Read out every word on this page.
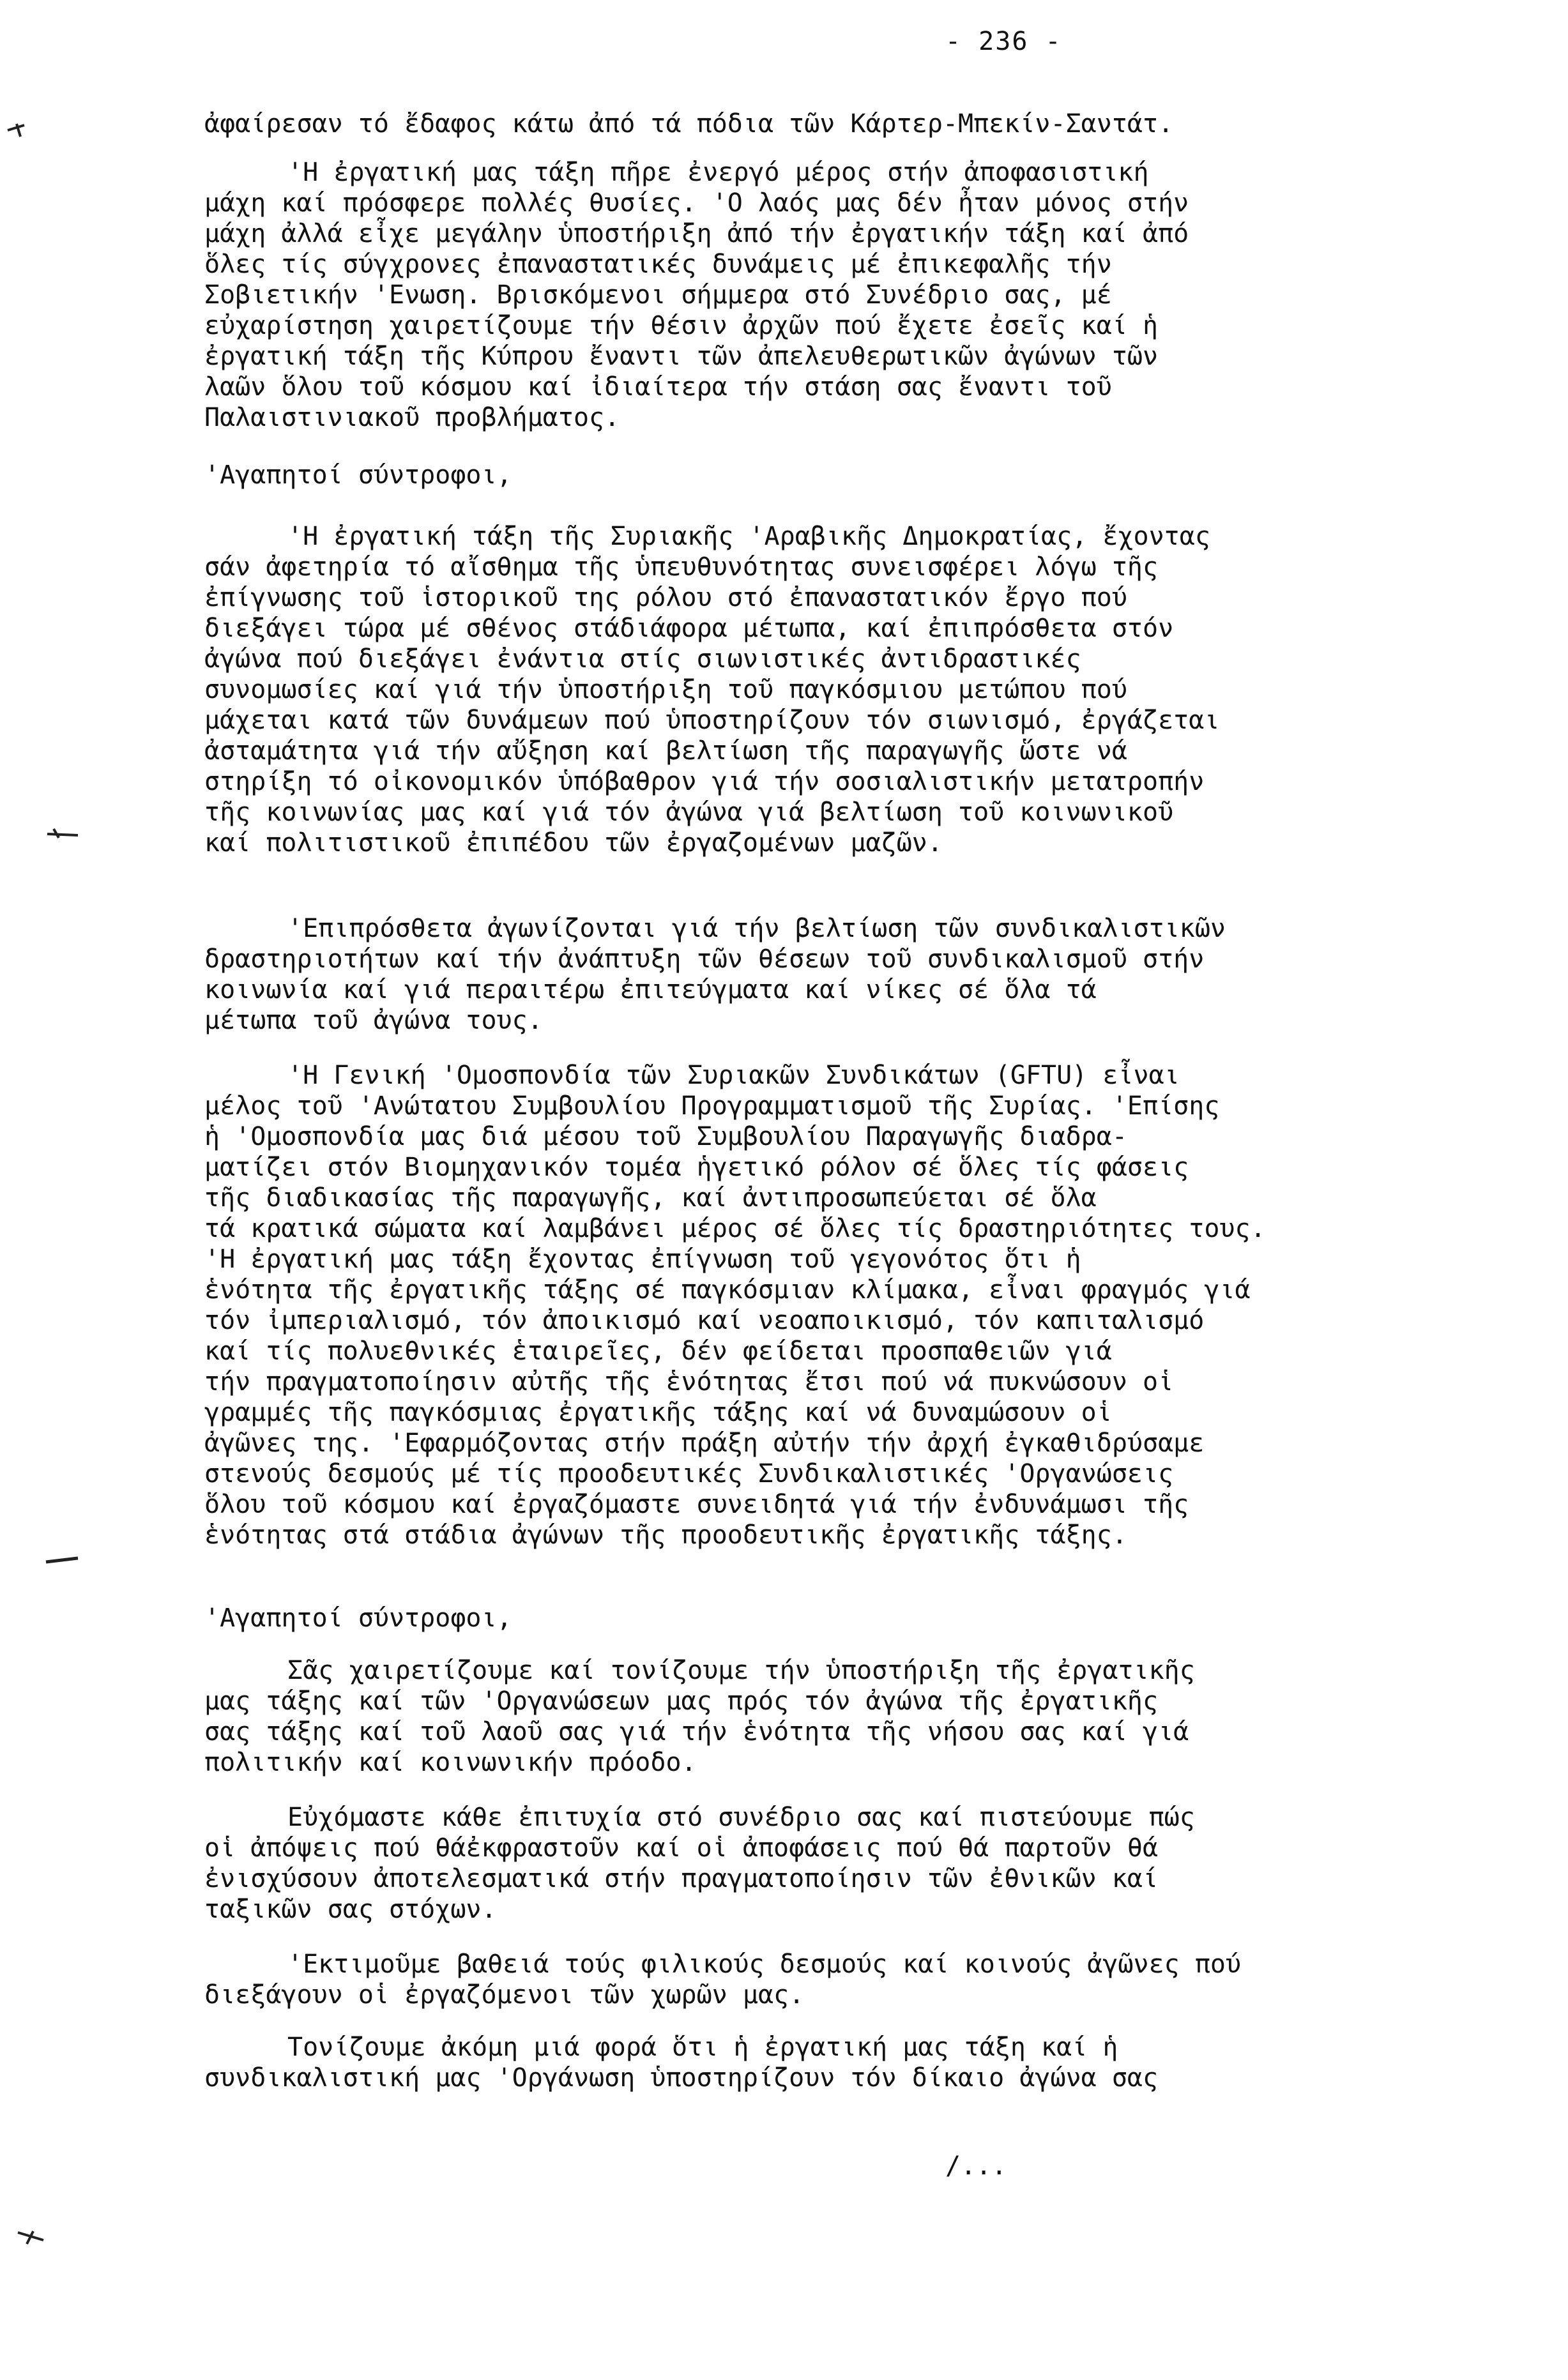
- 236 -
ἀφαίρεσαν τό ἔδαφος κάτω ἀπό τά πόδια τῶν Κάρτερ-Μπεκίν-Σαντάτ.
'Η ἐργατική μας τάξη πῆρε ἐνεργό μέρος στήν ἀποφασιστική
μάχη καί πρόσφερε πολλές θυσίες. 'Ο λαός μας δέν ἦταν μόνος στήν
μάχη ἀλλά εἶχε μεγάλην ὑποστήριξη ἀπό τήν ἐργατικήν τάξη καί ἀπό
ὅλες τίς σύγχρονες ἐπαναστατικές δυνάμεις μέ ἐπικεφαλῆς τήν
Σοβιετικήν 'Ενωση. Βρισκόμενοι σήμμερα στό Συνέδριο σας, μέ
εὐχαρίστηση χαιρετίζουμε τήν θέσιν ἀρχῶν πού ἔχετε ἐσεῖς καί ἡ
ἐργατική τάξη τῆς Κύπρου ἔναντι τῶν ἀπελευθερωτικῶν ἀγώνων τῶν
λαῶν ὅλου τοῦ κόσμου καί ἰδιαίτερα τήν στάση σας ἔναντι τοῦ
Παλαιστινιακοῦ προβλήματος.
'Αγαπητοί σύντροφοι,
'Η ἐργατική τάξη τῆς Συριακῆς 'Αραβικῆς Δημοκρατίας, ἔχοντας
σάν ἀφετηρία τό αἴσθημα τῆς ὑπευθυνότητας συνεισφέρει λόγω τῆς
ἐπίγνωσης τοῦ ἱστορικοῦ της ρόλου στό ἐπαναστατικόν ἔργο πού
διεξάγει τώρα μέ σθένος στάδιάφορα μέτωπα, καί ἐπιπρόσθετα στόν
ἀγώνα πού διεξάγει ἐνάντια στίς σιωνιστικές ἀντιδραστικές
συνομωσίες καί γιά τήν ὑποστήριξη τοῦ παγκόσμιου μετώπου πού
μάχεται κατά τῶν δυνάμεων πού ὑποστηρίζουν τόν σιωνισμό, ἐργάζεται
ἀσταμάτητα γιά τήν αὔξηση καί βελτίωση τῆς παραγωγῆς ὥστε νά
στηρίξη τό οἰκονομικόν ὑπόβαθρον γιά τήν σοσιαλιστικήν μετατροπήν
τῆς κοινωνίας μας καί γιά τόν ἀγώνα γιά βελτίωση τοῦ κοινωνικοῦ
καί πολιτιστικοῦ ἐπιπέδου τῶν ἐργαζομένων μαζῶν.
'Επιπρόσθετα ἀγωνίζονται γιά τήν βελτίωση τῶν συνδικαλιστικῶν
δραστηριοτήτων καί τήν ἀνάπτυξη τῶν θέσεων τοῦ συνδικαλισμοῦ στήν
κοινωνία καί γιά περαιτέρω ἐπιτεύγματα καί νίκες σέ ὅλα τά
μέτωπα τοῦ ἀγώνα τους.
'Η Γενική 'Ομοσπονδία τῶν Συριακῶν Συνδικάτων (GFTU) εἶναι
μέλος τοῦ 'Ανώτατου Συμβουλίου Προγραμματισμοῦ τῆς Συρίας. 'Επίσης
ἡ 'Ομοσπονδία μας διά μέσου τοῦ Συμβουλίου Παραγωγῆς διαδρα-
ματίζει στόν Βιομηχανικόν τομέα ἡγετικό ρόλον σέ ὅλες τίς φάσεις
τῆς διαδικασίας τῆς παραγωγῆς, καί ἀντιπροσωπεύεται σέ ὅλα
τά κρατικά σώματα καί λαμβάνει μέρος σέ ὅλες τίς δραστηριότητες τους.
'Η ἐργατική μας τάξη ἔχοντας ἐπίγνωση τοῦ γεγονότος ὅτι ἡ
ἑνότητα τῆς ἐργατικῆς τάξης σέ παγκόσμιαν κλίμακα, εἶναι φραγμός γιά
τόν ἰμπεριαλισμό, τόν ἀποικισμό καί νεοαποικισμό, τόν καπιταλισμό
καί τίς πολυεθνικές ἑταιρεῖες, δέν φείδεται προσπαθειῶν γιά
τήν πραγματοποίησιν αὐτῆς τῆς ἑνότητας ἔτσι πού νά πυκνώσουν οἱ
γραμμές τῆς παγκόσμιας ἐργατικῆς τάξης καί νά δυναμώσουν οἱ
ἀγῶνες της. 'Εφαρμόζοντας στήν πράξη αὐτήν τήν ἀρχή ἐγκαθιδρύσαμε
στενούς δεσμούς μέ τίς προοδευτικές Συνδικαλιστικές 'Οργανώσεις
ὅλου τοῦ κόσμου καί ἐργαζόμαστε συνειδητά γιά τήν ἐνδυνάμωσι τῆς
ἑνότητας στά στάδια ἀγώνων τῆς προοδευτικῆς ἐργατικῆς τάξης.
'Αγαπητοί σύντροφοι,
Σᾶς χαιρετίζουμε καί τονίζουμε τήν ὑποστήριξη τῆς ἐργατικῆς
μας τάξης καί τῶν 'Οργανώσεων μας πρός τόν ἀγώνα τῆς ἐργατικῆς
σας τάξης καί τοῦ λαοῦ σας γιά τήν ἑνότητα τῆς νήσου σας καί γιά
πολιτικήν καί κοινωνικήν πρόοδο.
Εὐχόμαστε κάθε ἐπιτυχία στό συνέδριο σας καί πιστεύουμε πώς
οἱ ἀπόψεις πού θάἐκφραστοῦν καί οἱ ἀποφάσεις πού θά παρτοῦν θά
ἐνισχύσουν ἀποτελεσματικά στήν πραγματοποίησιν τῶν ἐθνικῶν καί
ταξικῶν σας στόχων.
'Εκτιμοῦμε βαθειά τούς φιλικούς δεσμούς καί κοινούς ἀγῶνες πού
διεξάγουν οἱ ἐργαζόμενοι τῶν χωρῶν μας.
Τονίζουμε ἀκόμη μιά φορά ὅτι ἡ ἐργατική μας τάξη καί ἡ
συνδικαλιστική μας 'Οργάνωση ὑποστηρίζουν τόν δίκαιο ἀγώνα σας
/...
